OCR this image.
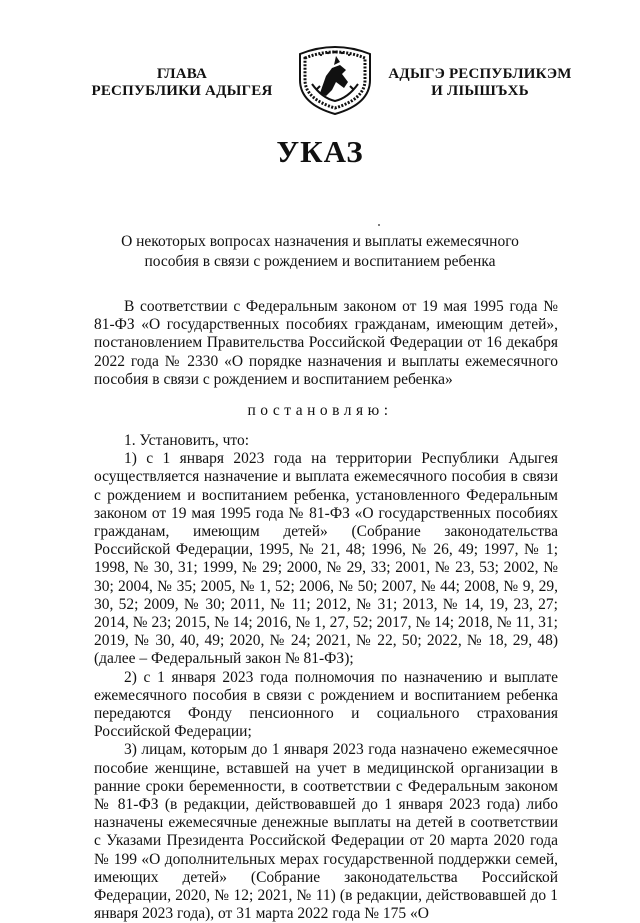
ГЛАВА
РЕСПУБЛИКИ АДЫГЕЯ
АДЫГЭ РЕСПУБЛИКЭМ
И ЛІЫШЪХЬ
УКАЗ
О некоторых вопросах назначения и выплаты ежемесячного
пособия в связи с рождением и воспитанием ребенка

В соответствии с Федеральным законом от 19 мая 1995 года № 81-ФЗ «О государственных пособиях гражданам, имеющим детей», постановлением Правительства Российской Федерации от 16 декабря 2022 года № 2330 «О порядке назначения и выплаты ежемесячного пособия в связи с рождением и воспитанием ребенка»

постановляю:

1. Установить, что:

1) с 1 января 2023 года на территории Республики Адыгея осуществляется назначение и выплата ежемесячного пособия в связи с рождением и воспитанием ребенка, установленного Федеральным законом от 19 мая 1995 года № 81-ФЗ «О государственных пособиях гражданам, имеющим детей» (Собрание законодательства Российской Федерации, 1995, № 21, 48; 1996, № 26, 49; 1997, № 1; 1998, № 30, 31; 1999, № 29; 2000, № 29, 33; 2001, № 23, 53; 2002, № 30; 2004, № 35; 2005, № 1, 52; 2006, № 50; 2007, № 44; 2008, № 9, 29, 30, 52; 2009, № 30; 2011, № 11; 2012, № 31; 2013, № 14, 19, 23, 27; 2014, № 23; 2015, № 14; 2016, № 1, 27, 52; 2017, № 14; 2018, № 11, 31; 2019, № 30, 40, 49; 2020, № 24; 2021, № 22, 50; 2022, № 18, 29, 48) (далее – Федеральный закон № 81-ФЗ);

2) с 1 января 2023 года полномочия по назначению и выплате ежемесячного пособия в связи с рождением и воспитанием ребенка передаются Фонду пенсионного и социального страхования Российской Федерации;

3) лицам, которым до 1 января 2023 года назначено ежемесячное пособие женщине, вставшей на учет в медицинской организации в ранние сроки беременности, в соответствии с Федеральным законом № 81-ФЗ (в редакции, действовавшей до 1 января 2023 года) либо назначены ежемесячные денежные выплаты на детей в соответствии с Указами Президента Российской Федерации от 20 марта 2020 года № 199 «О дополнительных мерах государственной поддержки семей, имеющих детей» (Собрание законодательства Российской Федерации, 2020, № 12; 2021, № 11) (в редакции, действовавшей до 1 января 2023 года), от 31 марта 2022 года № 175 «О
